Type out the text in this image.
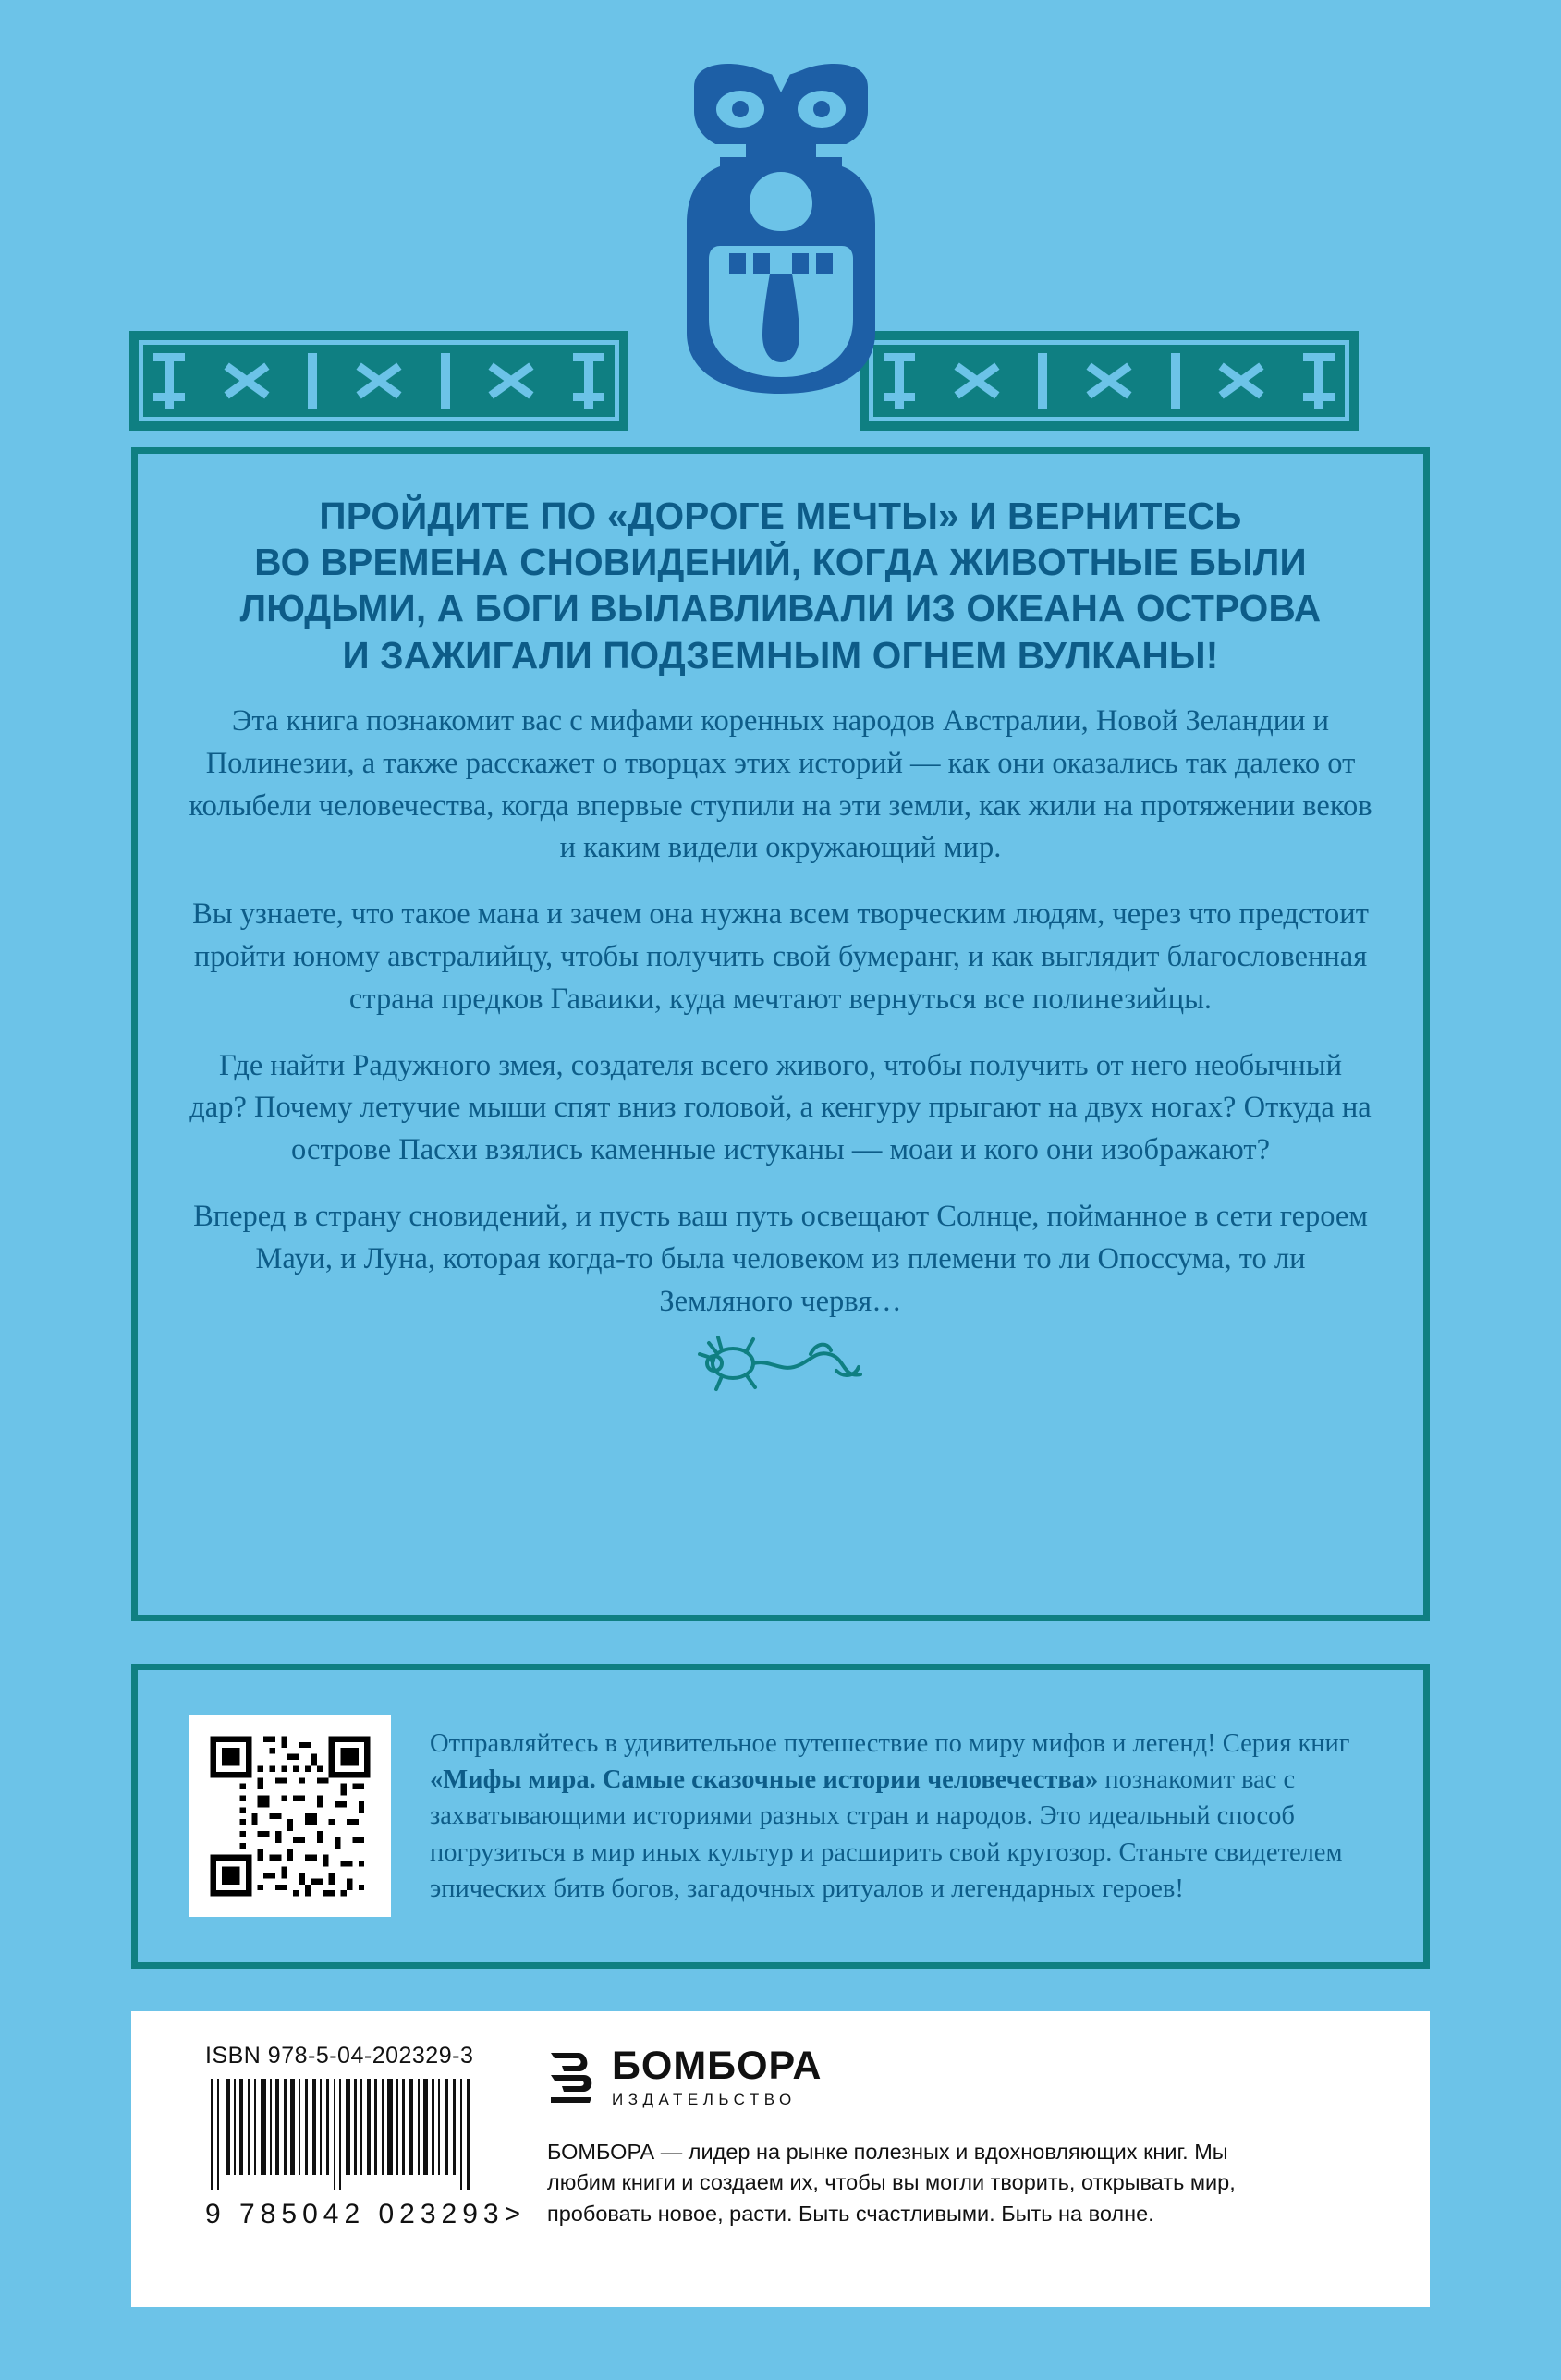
ПРОЙДИТЕ ПО «ДОРОГЕ МЕЧТЫ» И ВЕРНИТЕСЬ
ВО ВРЕМЕНА СНОВИДЕНИЙ, КОГДА ЖИВОТНЫЕ БЫЛИ
ЛЮДЬМИ, А БОГИ ВЫЛАВЛИВАЛИ ИЗ ОКЕАНА ОСТРОВА
И ЗАЖИГАЛИ ПОДЗЕМНЫМ ОГНЕМ ВУЛКАНЫ!

Эта книга познакомит вас с мифами коренных народов Австралии, Новой Зеландии и Полинезии, а также расскажет о творцах этих историй — как они оказались так далеко от колыбели человечества, когда впервые ступили на эти земли, как жили на протяжении веков и каким видели окружающий мир.

Вы узнаете, что такое мана и зачем она нужна всем творческим людям, через что предстоит пройти юному австралийцу, чтобы получить свой бумеранг, и как выглядит благословенная страна предков Гаваики, куда мечтают вернуться все полинезийцы.

Где найти Радужного змея, создателя всего живого, чтобы получить от него необычный дар? Почему летучие мыши спят вниз головой, а кенгуру прыгают на двух ногах? Откуда на острове Пасхи взялись каменные истуканы — моаи и кого они изображают?

Вперед в страну сновидений, и пусть ваш путь освещают Солнце, пойманное в сети героем Мауи, и Луна, которая когда-то была человеком из племени то ли Опоссума, то ли Земляного червя…

Отправляйтесь в удивительное путешествие по миру мифов и легенд! Серия книг «Мифы мира. Самые сказочные истории человечества» познакомит вас с захватывающими историями разных стран и народов. Это идеальный способ погрузиться в мир иных культур и расширить свой кругозор. Станьте свидетелем эпических битв богов, загадочных ритуалов и легендарных героев!
ISBN 978-5-04-202329-3
9 785042 023293>
БОМБОРА
ИЗДАТЕЛЬСТВО
БОМБОРА — лидер на рынке полезных и вдохновляющих книг. Мы любим книги и создаем их, чтобы вы могли творить, открывать мир, пробовать новое, расти. Быть счастливыми. Быть на волне.
